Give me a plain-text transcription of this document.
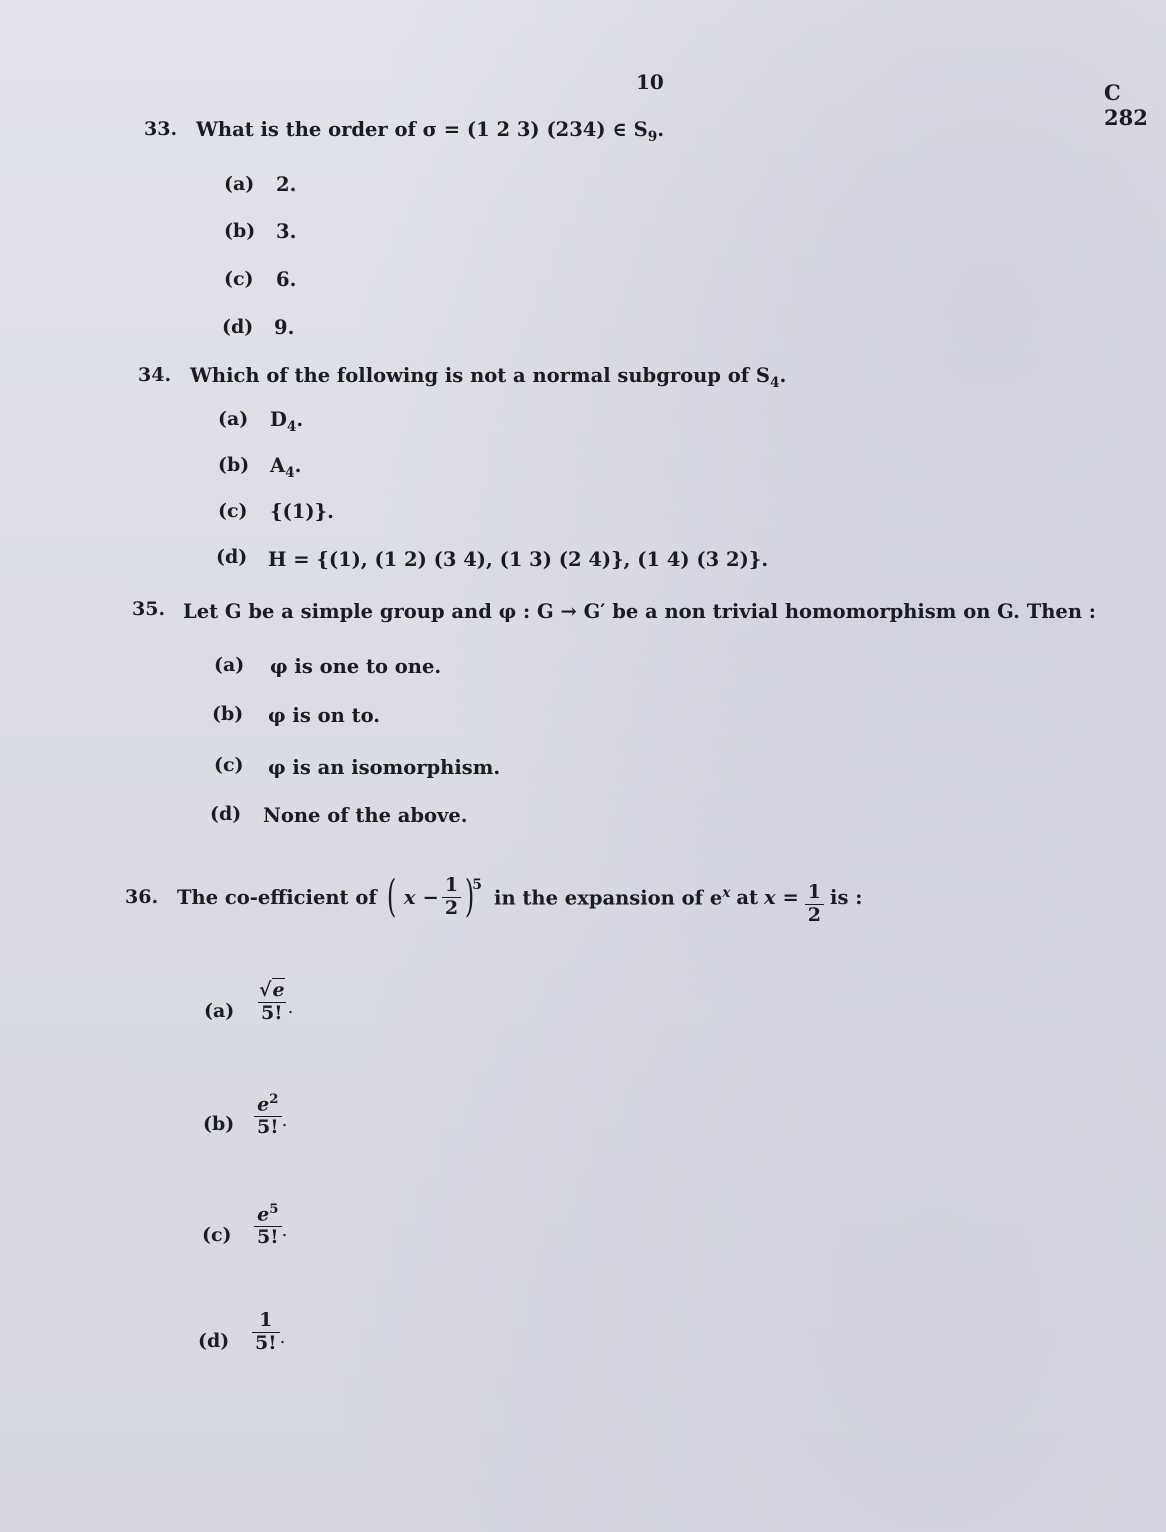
10	C 282
33. What is the order of σ = (1 2 3) (234) ∈ $S_9$.
(a) 2.
(b) 3.
(c) 6.
(d) 9.
34. Which of the following is not a normal subgroup of $S_4$.
(a) $D_4$.
(b) $A_4$.
(c) {(1)}.
(d) H = {(1), (1 2) (3 4), (1 3) (2 4)}, (1 4) (3 2)}.
35. Let G be a simple group and φ : G → G′ be a non trivial homomorphism on G. Then :
(a) φ is one to one.
(b) φ is on to.
(c) φ is an isomorphism.
(d) None of the above.
36. The co-efficient of ( $x - \frac{1}{2}$ )
5
in the expansion of $e^x$ at $x = \frac{1}{2}$ is :
$(a) \frac{√e}{5!}$ .
$(b) \frac{e^2}{5!}$ .
$(c) \frac{e^5}{5!}$ .
$(d) \frac{1}{5!}$ .
